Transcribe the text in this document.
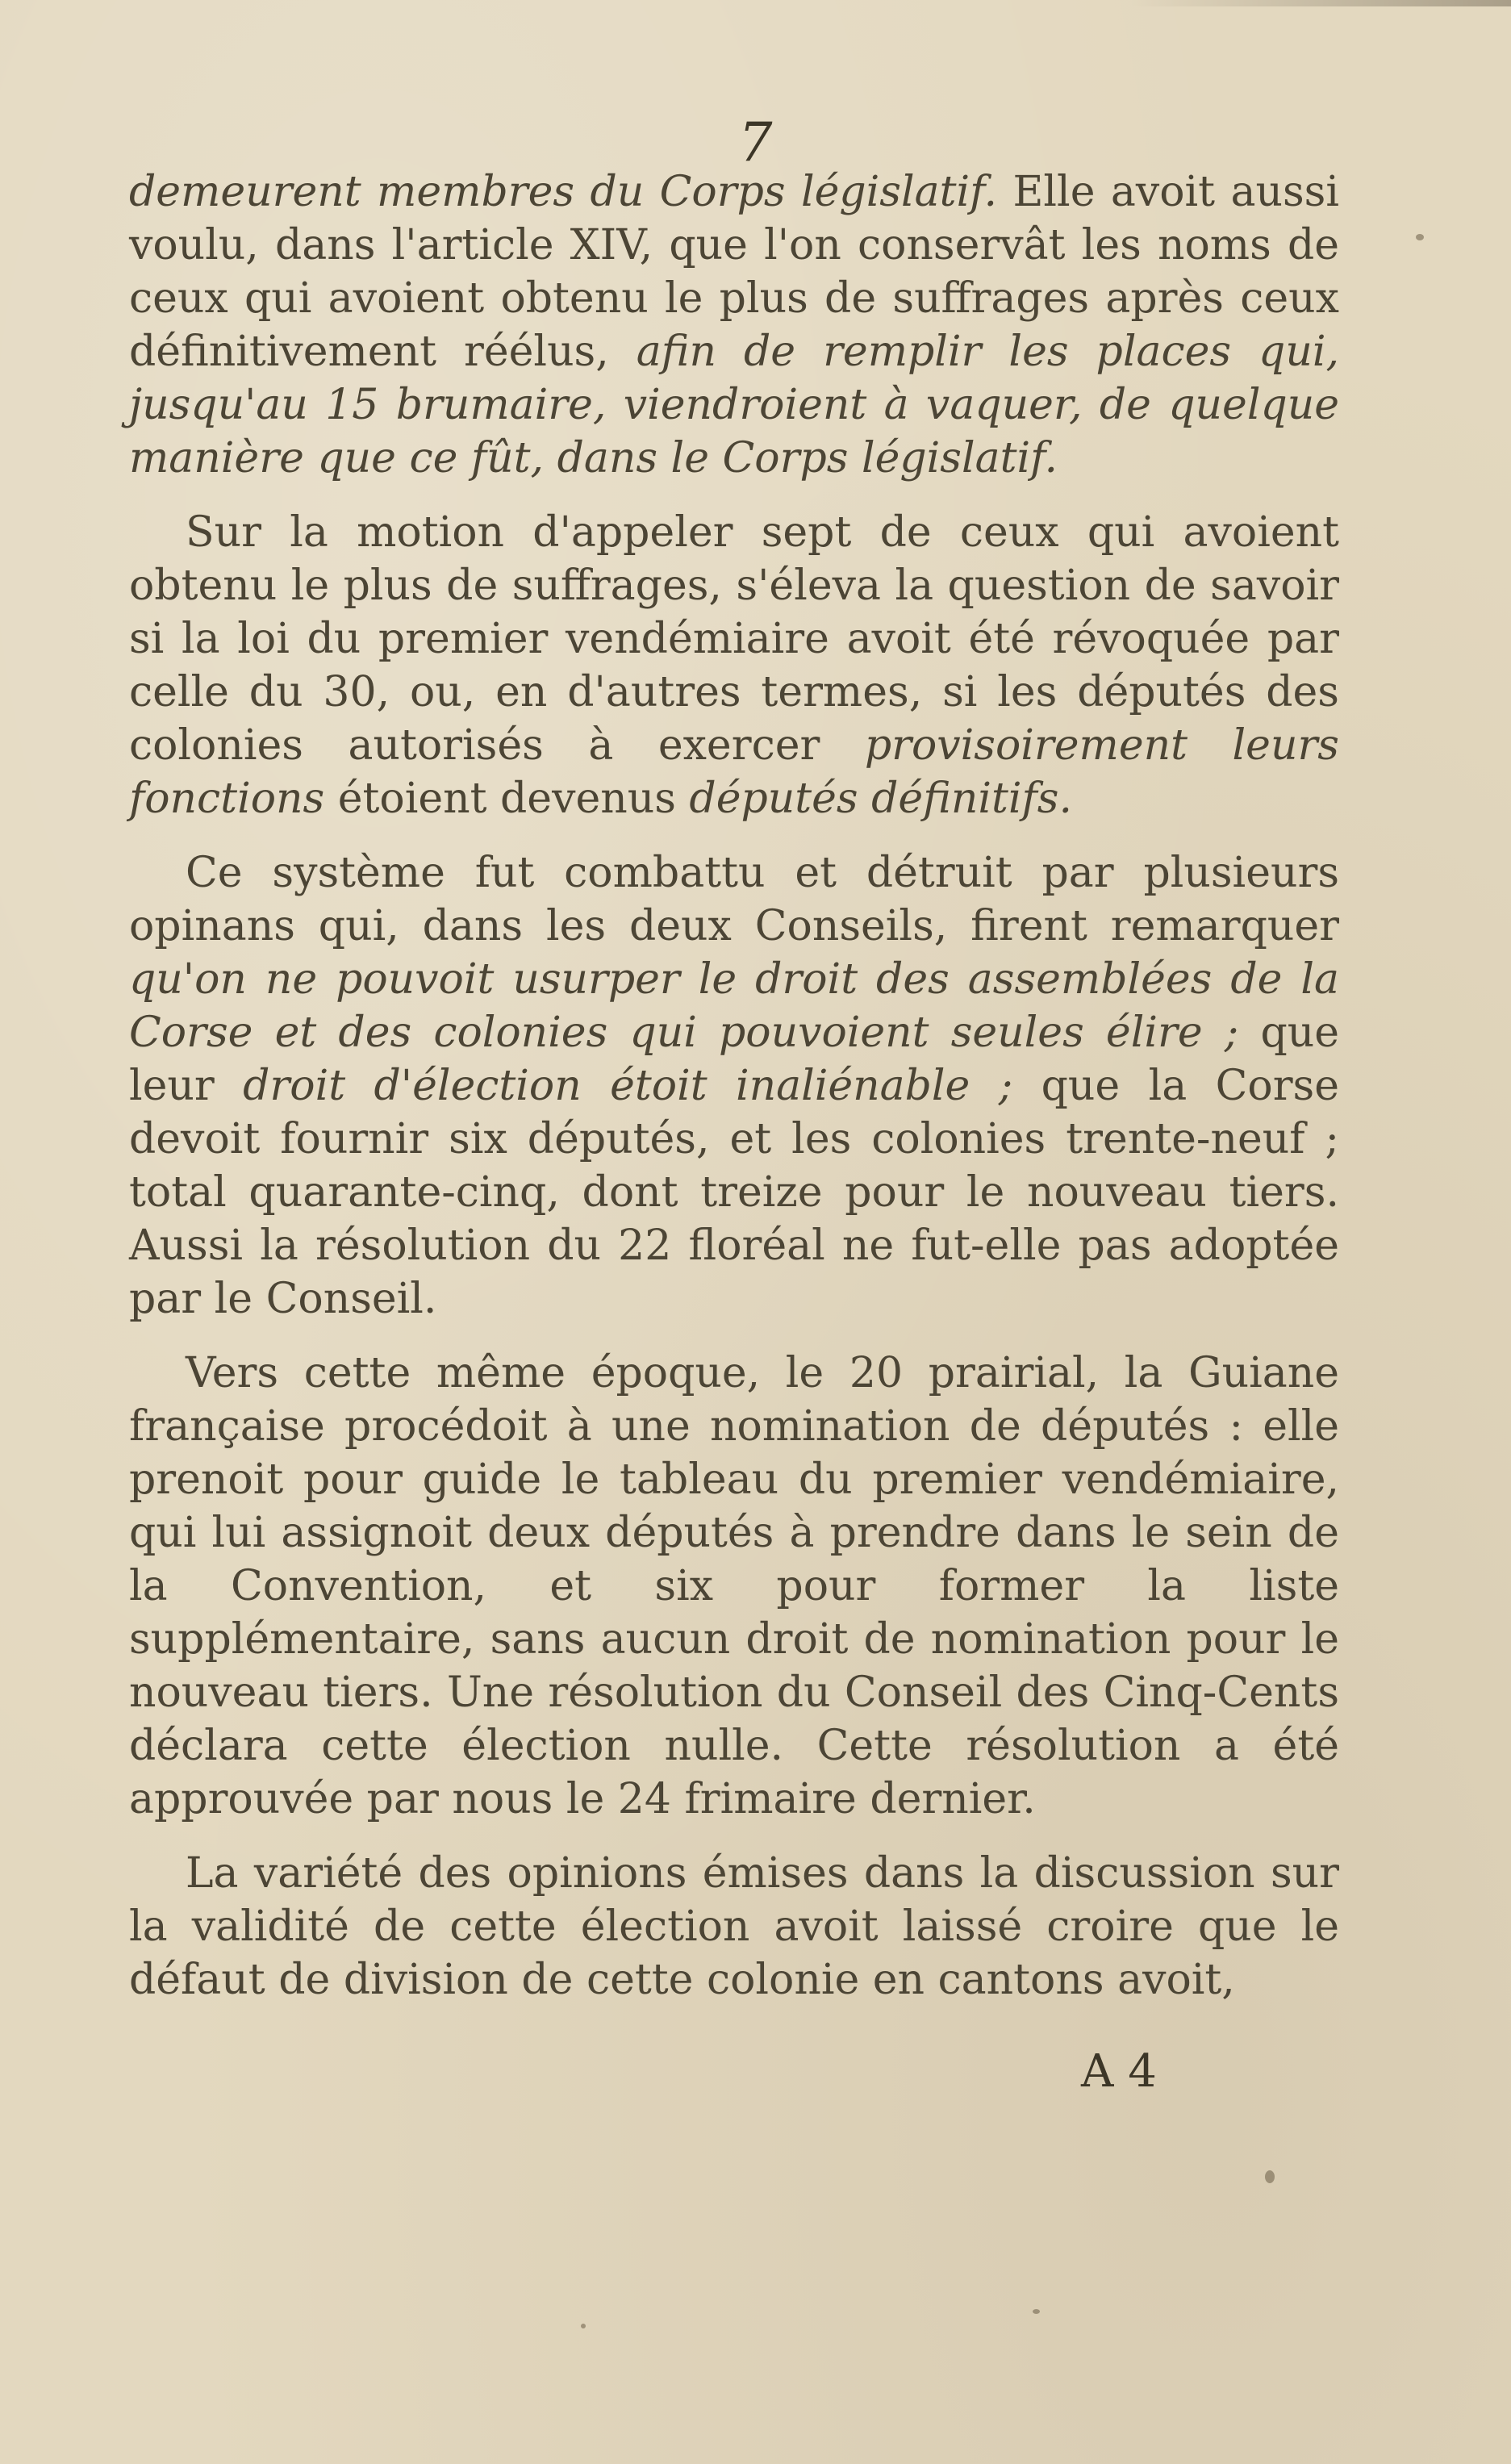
7

demeurent membres du Corps législatif. Elle avoit aussi voulu, dans l'article XIV, que l'on conservât les noms de ceux qui avoient obtenu le plus de suffrages après ceux définitivement réélus, afin de remplir les places qui, jusqu'au 15 brumaire, viendroient à vaquer, de quelque manière que ce fût, dans le Corps législatif.

Sur la motion d'appeler sept de ceux qui avoient obtenu le plus de suffrages, s'éleva la question de savoir si la loi du premier vendémiaire avoit été révoquée par celle du 30, ou, en d'autres termes, si les députés des colonies autorisés à exercer provisoirement leurs fonctions étoient devenus députés définitifs.

Ce système fut combattu et détruit par plusieurs opinans qui, dans les deux Conseils, firent remarquer qu'on ne pouvoit usurper le droit des assemblées de la Corse et des colonies qui pouvoient seules élire ; que leur droit d'élection étoit inaliénable ; que la Corse devoit fournir six députés, et les colonies trente-neuf ; total quarante-cinq, dont treize pour le nouveau tiers. Aussi la résolution du 22 floréal ne fut-elle pas adoptée par le Conseil.

Vers cette même époque, le 20 prairial, la Guiane française procédoit à une nomination de députés : elle prenoit pour guide le tableau du premier vendémiaire, qui lui assignoit deux députés à prendre dans le sein de la Convention, et six pour former la liste supplémentaire, sans aucun droit de nomination pour le nouveau tiers. Une résolution du Conseil des Cinq-Cents déclara cette élection nulle. Cette résolution a été approuvée par nous le 24 frimaire dernier.

La variété des opinions émises dans la discussion sur la validité de cette élection avoit laissé croire que le défaut de division de cette colonie en cantons avoit,

A 4
